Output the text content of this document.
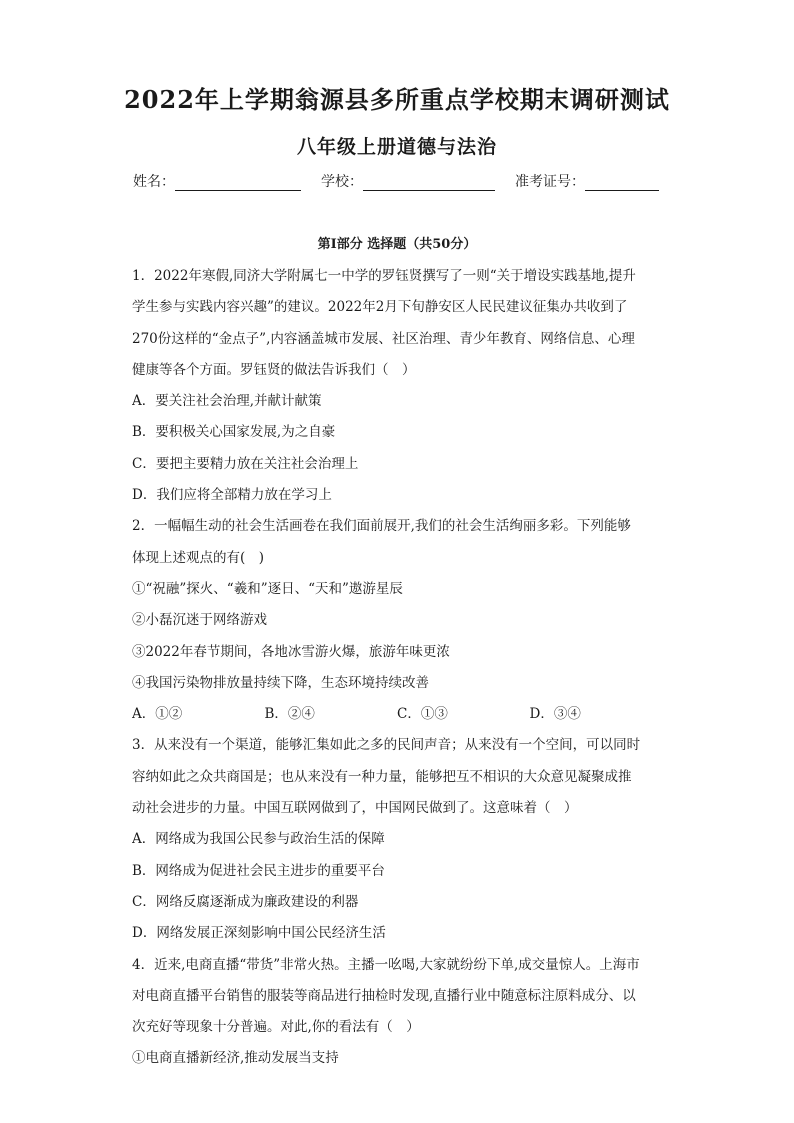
2022年上学期翁源县多所重点学校期末调研测试
八年级上册道德与法治
姓名：	学校：	准考证号：
第Ⅰ部分 选择题（共50分）
1．2022年寒假,同济大学附属七一中学的罗钰贤撰写了一则“关于增设实践基地,提升
学生参与实践内容兴趣”的建议。2022年2月下旬静安区人民民建议征集办共收到了
270份这样的“金点子”,内容涵盖城市发展、社区治理、青少年教育、网络信息、心理
健康等各个方面。罗钰贤的做法告诉我们（　）
A．要关注社会治理,并献计献策
B．要积极关心国家发展,为之自豪
C．要把主要精力放在关注社会治理上
D．我们应将全部精力放在学习上
2．一幅幅生动的社会生活画卷在我们面前展开,我们的社会生活绚丽多彩。下列能够
体现上述观点的有(　)
①“祝融”探火、“羲和”逐日、“天和”遨游星辰
②小磊沉迷于网络游戏
③2022年春节期间，各地冰雪游火爆，旅游年味更浓
④我国污染物排放量持续下降，生态环境持续改善
A．①②	B．②④	C．①③	D．③④
3．从来没有一个渠道，能够汇集如此之多的民间声音；从来没有一个空间，可以同时
容纳如此之众共商国是；也从来没有一种力量，能够把互不相识的大众意见凝聚成推
动社会进步的力量。中国互联网做到了，中国网民做到了。这意味着（　）
A．网络成为我国公民参与政治生活的保障
B．网络成为促进社会民主进步的重要平台
C．网络反腐逐渐成为廉政建设的利器
D．网络发展正深刻影响中国公民经济生活
4．近来,电商直播“带货”非常火热。主播一吆喝,大家就纷纷下单,成交量惊人。上海市
对电商直播平台销售的服装等商品进行抽检时发现,直播行业中随意标注原料成分、以
次充好等现象十分普遍。对此,你的看法有（　）
①电商直播新经济,推动发展当支持
